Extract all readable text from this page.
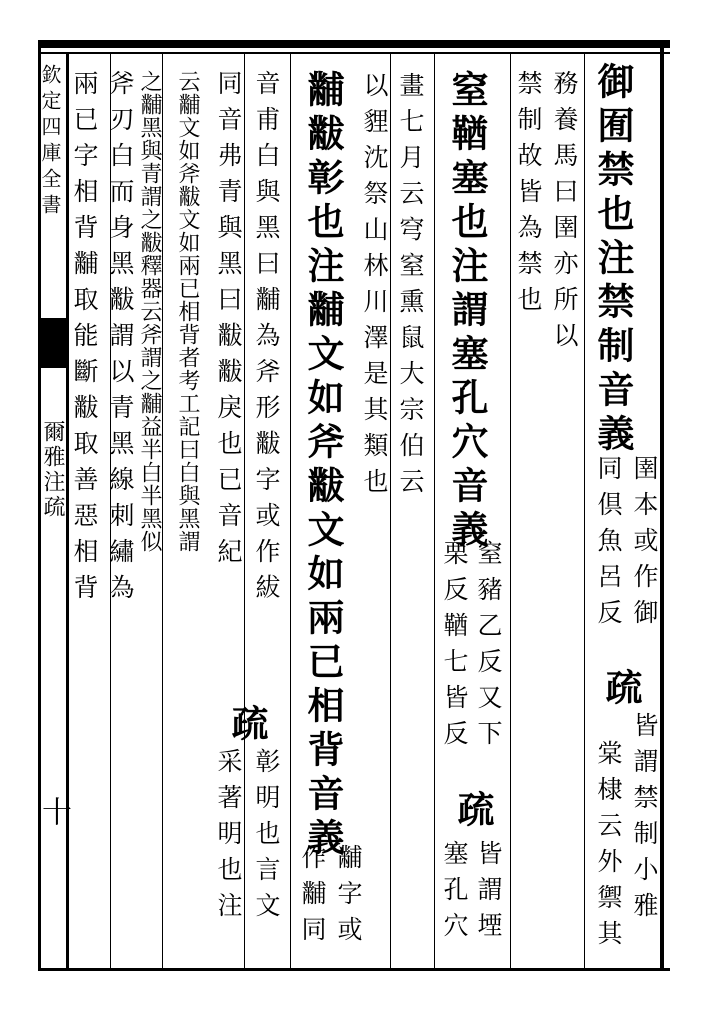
欽定四庫全書
爾雅注疏
十
御囿禁也注禁制音義
務養馬曰圉亦所以
禁制故皆為禁也
圉本或作御
同倶魚呂反
疏
皆謂禁制小雅
棠棣云外禦其
窒鞧塞也注謂塞孔穴音義
窒豬乙反又下
栗反鞧七皆反
疏
皆謂堙
塞孔穴
畫七月云穹窒熏鼠大宗伯云
以貍沈祭山林川澤是其類也
黼黻彰也注黼文如斧黻文如兩已相背音義
黼字或
作黼同
音甫白與黑曰黼為斧形黻字或作紱
同音弗青與黑曰黻黻戾也已音紀
疏
彰明也言文
采著明也注
云黼文如斧黻文如兩已相背者考工記曰白與黑謂
之黼黑與青謂之黻釋器云斧謂之黼益半白半黑似
斧刃白而身黑黻謂以青黑線刺繡為
兩已字相背黼取能斷黻取善惡相背
